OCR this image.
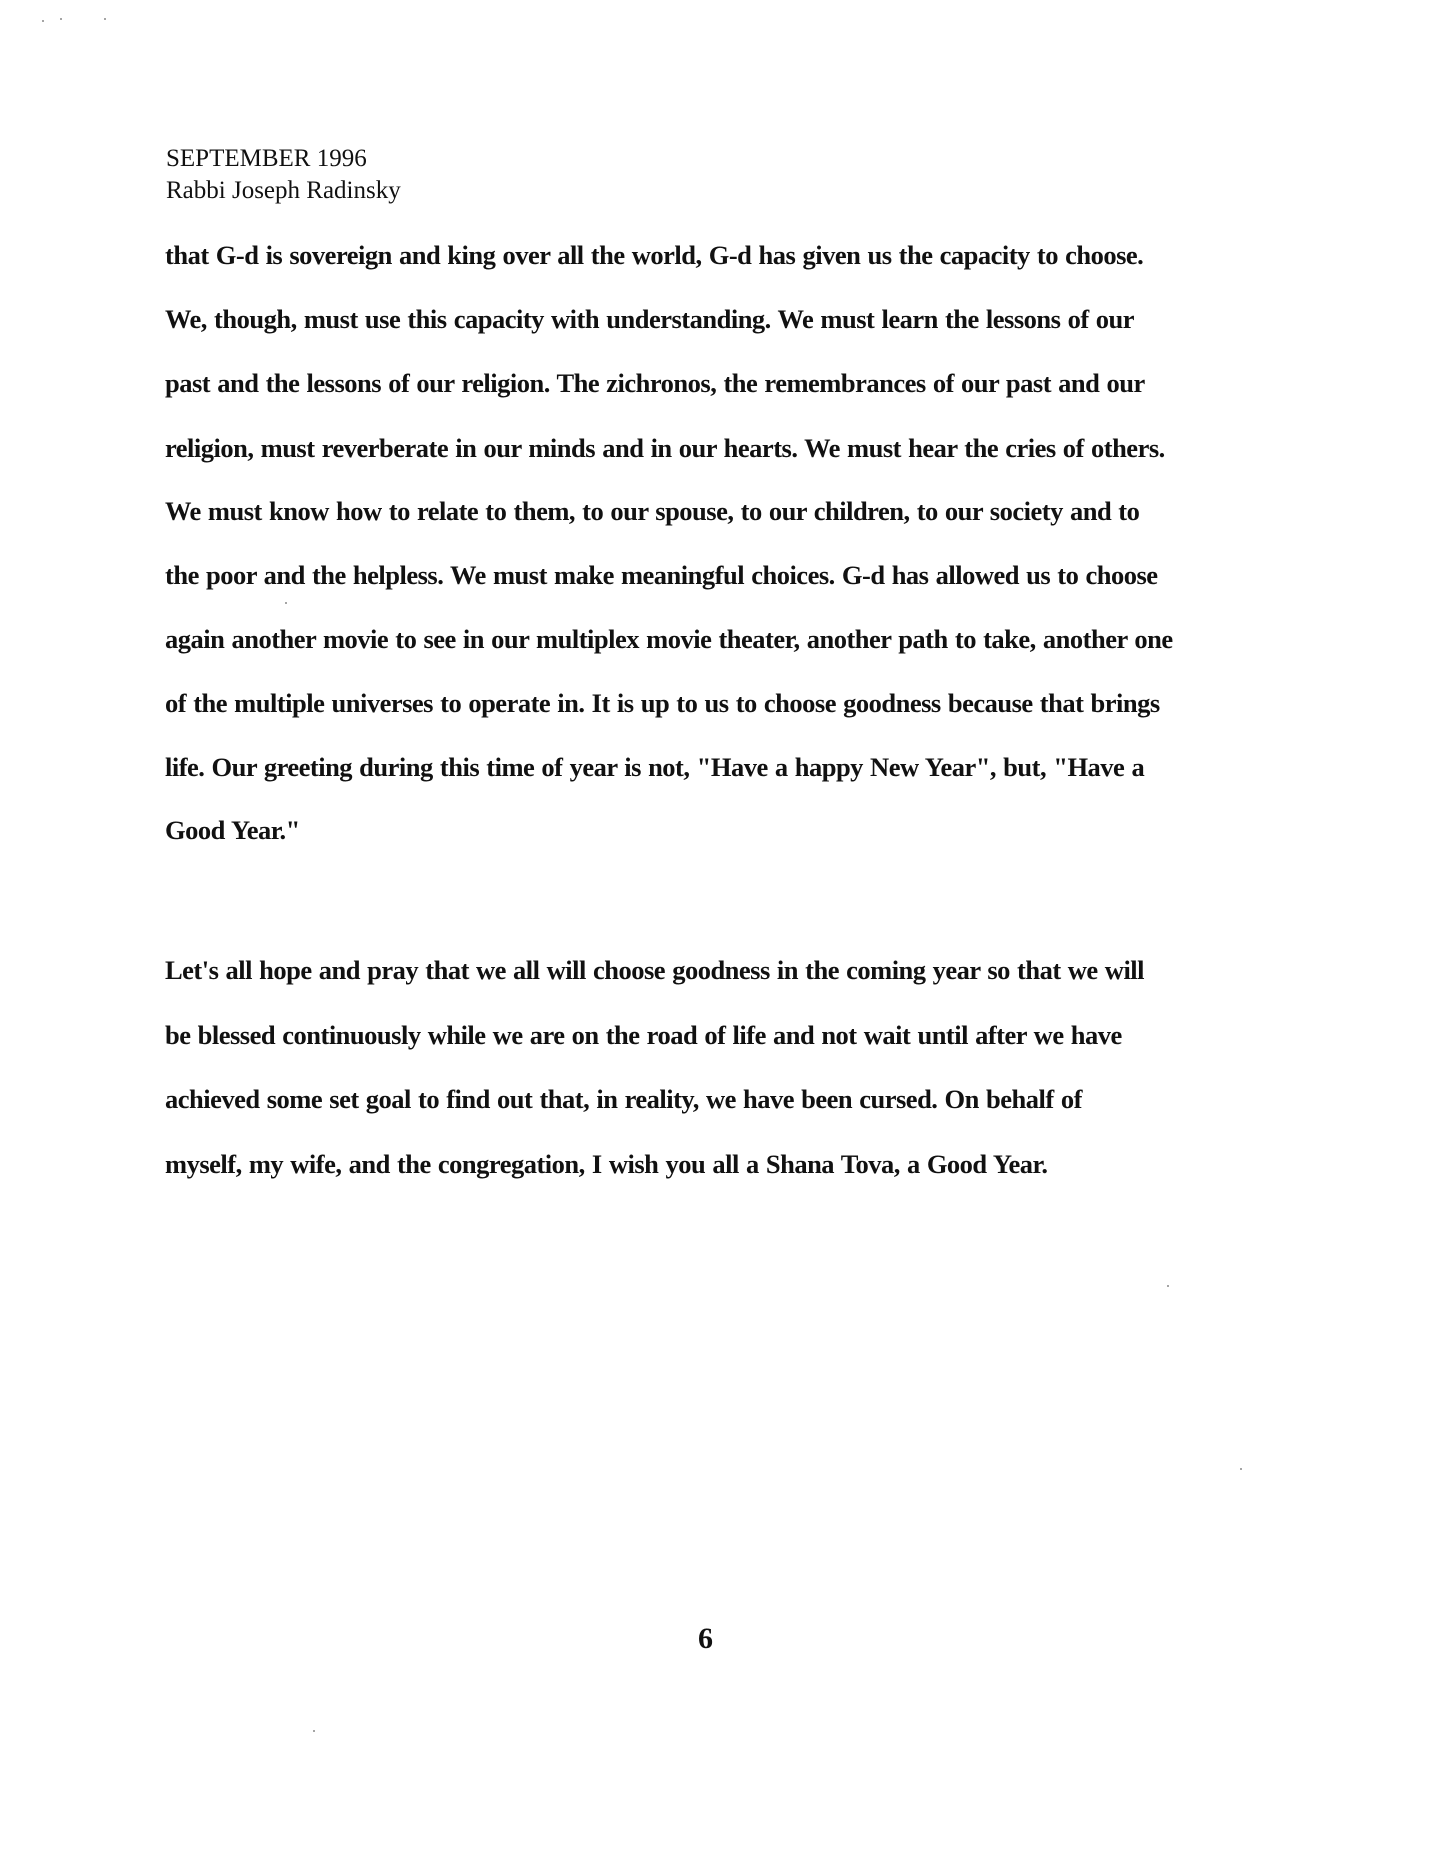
SEPTEMBER 1996
Rabbi Joseph Radinsky
that G-d is sovereign and king over all the world, G-d has given us the capacity to choose.
We, though, must use this capacity with understanding. We must learn the lessons of our
past and the lessons of our religion. The zichronos, the remembrances of our past and our
religion, must reverberate in our minds and in our hearts. We must hear the cries of others.
We must know how to relate to them, to our spouse, to our children, to our society and to
the poor and the helpless. We must make meaningful choices. G-d has allowed us to choose
again another movie to see in our multiplex movie theater, another path to take, another one
of the multiple universes to operate in. It is up to us to choose goodness because that brings
life. Our greeting during this time of year is not, "Have a happy New Year", but, "Have a
Good Year."
Let's all hope and pray that we all will choose goodness in the coming year so that we will
be blessed continuously while we are on the road of life and not wait until after we have
achieved some set goal to find out that, in reality, we have been cursed. On behalf of
myself, my wife, and the congregation, I wish you all a Shana Tova, a Good Year.
6
